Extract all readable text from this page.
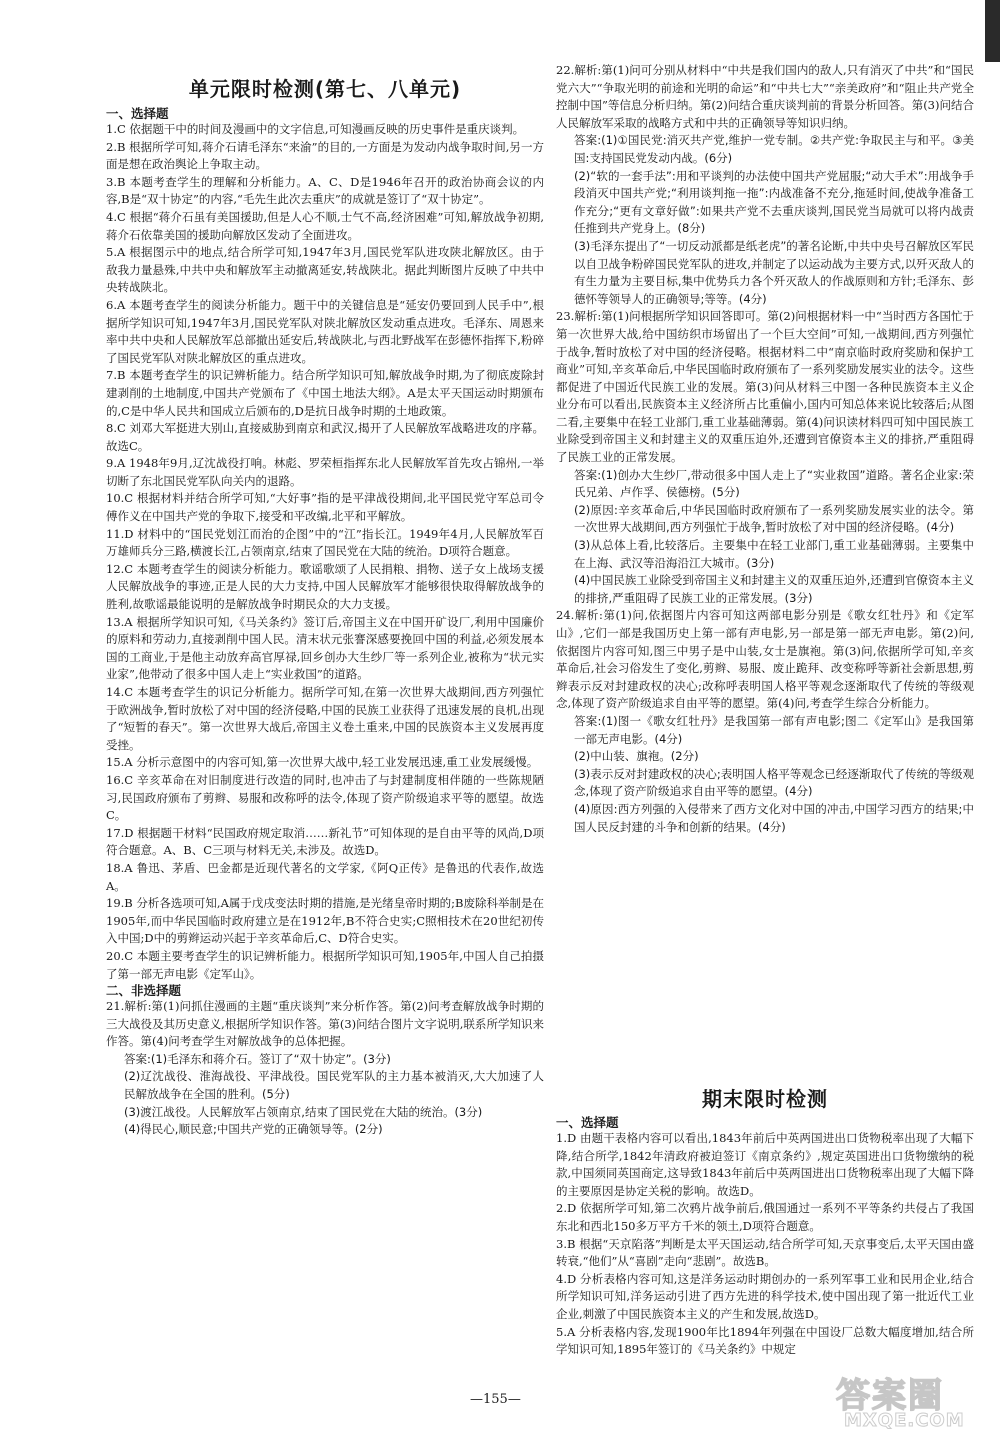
单元限时检测(第七、八单元)
一、选择题

1.C 依据题干中的时间及漫画中的文字信息,可知漫画反映的历史事件是重庆谈判。

2.B 根据所学可知,蒋介石请毛泽东“来渝”的目的,一方面是为发动内战争取时间,另一方面是想在政治舆论上争取主动。

3.B 本题考查学生的理解和分析能力。A、C、D是1946年召开的政治协商会议的内容,B是“双十协定”的内容,“毛先生此次去重庆”的成就是签订了“双十协定”。

4.C 根据“蒋介石虽有美国援助,但是人心不顺,士气不高,经济困难”可知,解放战争初期,蒋介石依靠美国的援助向解放区发动了全面进攻。

5.A 根据图示中的地点,结合所学可知,1947年3月,国民党军队进攻陕北解放区。由于敌我力量悬殊,中共中央和解放军主动撤离延安,转战陕北。据此判断图片反映了中共中央转战陕北。

6.A 本题考查学生的阅读分析能力。题干中的关键信息是“延安仍要回到人民手中”,根据所学知识可知,1947年3月,国民党军队对陕北解放区发动重点进攻。毛泽东、周恩来率中共中央和人民解放军总部撤出延安后,转战陕北,与西北野战军在彭德怀指挥下,粉碎了国民党军队对陕北解放区的重点进攻。

7.B 本题考查学生的识记辨析能力。结合所学知识可知,解放战争时期,为了彻底废除封建剥削的土地制度,中国共产党颁布了《中国土地法大纲》。A是太平天国运动时期颁布的,C是中华人民共和国成立后颁布的,D是抗日战争时期的土地政策。

8.C 刘邓大军挺进大别山,直接威胁到南京和武汉,揭开了人民解放军战略进攻的序幕。故选C。

9.A 1948年9月,辽沈战役打响。林彪、罗荣桓指挥东北人民解放军首先攻占锦州,一举切断了东北国民党军队向关内的退路。

10.C 根据材料并结合所学可知,“大好事”指的是平津战役期间,北平国民党守军总司令傅作义在中国共产党的争取下,接受和平改编,北平和平解放。

11.D 材料中的“国民党划江而治的企图”中的“江”指长江。1949年4月,人民解放军百万雄师兵分三路,横渡长江,占领南京,结束了国民党在大陆的统治。D项符合题意。

12.C 本题考查学生的阅读分析能力。歌谣歌颂了人民捐粮、捐物、送子女上战场支援人民解放战争的事迹,正是人民的大力支持,中国人民解放军才能够很快取得解放战争的胜利,故歌谣最能说明的是解放战争时期民众的大力支援。

13.A 根据所学知识可知,《马关条约》签订后,帝国主义在中国开矿设厂,利用中国廉价的原料和劳动力,直接剥削中国人民。清末状元张謇深感要挽回中国的利益,必须发展本国的工商业,于是他主动放弃高官厚禄,回乡创办大生纱厂等一系列企业,被称为“状元实业家”,他带动了很多中国人走上“实业救国”的道路。

14.C 本题考查学生的识记分析能力。据所学可知,在第一次世界大战期间,西方列强忙于欧洲战争,暂时放松了对中国的经济侵略,中国的民族工业获得了迅速发展的良机,出现了“短暂的春天”。第一次世界大战后,帝国主义卷土重来,中国的民族资本主义发展再度受挫。

15.A 分析示意图中的内容可知,第一次世界大战中,轻工业发展迅速,重工业发展缓慢。

16.C 辛亥革命在对旧制度进行改造的同时,也冲击了与封建制度相伴随的一些陈规陋习,民国政府颁布了剪辫、易服和改称呼的法令,体现了资产阶级追求平等的愿望。故选C。

17.D 根据题干材料“民国政府规定取消……新礼节”可知体现的是自由平等的风尚,D项符合题意。A、B、C三项与材料无关,未涉及。故选D。

18.A 鲁迅、茅盾、巴金都是近现代著名的文学家,《阿Q正传》是鲁迅的代表作,故选A。

19.B 分析各选项可知,A属于戊戌变法时期的措施,是光绪皇帝时期的;B废除科举制是在1905年,而中华民国临时政府建立是在1912年,B不符合史实;C照相技术在20世纪初传入中国;D中的剪辫运动兴起于辛亥革命后,C、D符合史实。

20.C 本题主要考查学生的识记辨析能力。根据所学知识可知,1905年,中国人自己拍摄了第一部无声电影《定军山》。

二、非选择题

21.解析:第(1)问抓住漫画的主题“重庆谈判”来分析作答。第(2)问考查解放战争时期的三大战役及其历史意义,根据所学知识作答。第(3)问结合图片文字说明,联系所学知识来作答。第(4)问考查学生对解放战争的总体把握。

答案:(1)毛泽东和蒋介石。签订了“双十协定”。(3分)

(2)辽沈战役、淮海战役、平津战役。国民党军队的主力基本被消灭,大大加速了人民解放战争在全国的胜利。(5分)

(3)渡江战役。人民解放军占领南京,结束了国民党在大陆的统治。(3分)

(4)得民心,顺民意;中国共产党的正确领导等。(2分)

22.解析:第(1)问可分别从材料中“中共是我们国内的敌人,只有消灭了中共”和“国民党六大”“争取光明的前途和光明的命运”和“中共七大”“亲美政府”和“阻止共产党全控制中国”等信息分析归纳。第(2)问结合重庆谈判前的背景分析回答。第(3)问结合人民解放军采取的战略方式和中共的正确领导等知识归纳。

答案:(1)①国民党:消灭共产党,维护一党专制。②共产党:争取民主与和平。③美国:支持国民党发动内战。(6分)

(2)“软的一套手法”:用和平谈判的办法使中国共产党屈服;“动大手术”:用战争手段消灭中国共产党;“利用谈判拖一拖”:内战准备不充分,拖延时间,使战争准备工作充分;“更有文章好做”:如果共产党不去重庆谈判,国民党当局就可以将内战责任推到共产党身上。(8分)

(3)毛泽东提出了“一切反动派都是纸老虎”的著名论断,中共中央号召解放区军民以自卫战争粉碎国民党军队的进攻,并制定了以运动战为主要方式,以歼灭敌人的有生力量为主要目标,集中优势兵力各个歼灭敌人的作战原则和方针;毛泽东、彭德怀等领导人的正确领导;等等。(4分)

23.解析:第(1)问根据所学知识回答即可。第(2)问根据材料一中“当时西方各国忙于第一次世界大战,给中国纺织市场留出了一个巨大空间”可知,一战期间,西方列强忙于战争,暂时放松了对中国的经济侵略。根据材料二中“南京临时政府奖励和保护工商业”可知,辛亥革命后,中华民国临时政府颁布了一系列奖励发展实业的法令。这些都促进了中国近代民族工业的发展。第(3)问从材料三中图一各种民族资本主义企业分布可以看出,民族资本主义经济所占比重偏小,国内可知总体来说比较落后;从图二看,主要集中在轻工业部门,重工业基础薄弱。第(4)问识读材料四可知中国民族工业除受到帝国主义和封建主义的双重压迫外,还遭到官僚资本主义的排挤,严重阻碍了民族工业的正常发展。

答案:(1)创办大生纱厂,带动很多中国人走上了“实业救国”道路。著名企业家:荣氏兄弟、卢作孚、侯德榜。(5分)

(2)原因:辛亥革命后,中华民国临时政府颁布了一系列奖励发展实业的法令。第一次世界大战期间,西方列强忙于战争,暂时放松了对中国的经济侵略。(4分)

(3)从总体上看,比较落后。主要集中在轻工业部门,重工业基础薄弱。主要集中在上海、武汉等沿海沿江大城市。(3分)

(4)中国民族工业除受到帝国主义和封建主义的双重压迫外,还遭到官僚资本主义的排挤,严重阻碍了民族工业的正常发展。(3分)

24.解析:第(1)问,依据图片内容可知这两部电影分别是《歌女红牡丹》和《定军山》,它们一部是我国历史上第一部有声电影,另一部是第一部无声电影。第(2)问,依据图片内容可知,图三中男子是中山装,女士是旗袍。第(3)问,依据所学可知,辛亥革命后,社会习俗发生了变化,剪辫、易服、废止跪拜、改变称呼等新社会新思想,剪辫表示反对封建政权的决心;改称呼表明国人格平等观念逐渐取代了传统的等级观念,体现了资产阶级追求自由平等的愿望。第(4)问,考查学生综合分析能力。

答案:(1)图一《歌女红牡丹》是我国第一部有声电影;图二《定军山》是我国第一部无声电影。(4分)

(2)中山装、旗袍。(2分)

(3)表示反对封建政权的决心;表明国人格平等观念已经逐渐取代了传统的等级观念,体现了资产阶级追求自由平等的愿望。(4分)

(4)原因:西方列强的入侵带来了西方文化对中国的冲击,中国学习西方的结果;中国人民反封建的斗争和创新的结果。(4分)

期末限时检测
一、选择题

1.D 由题干表格内容可以看出,1843年前后中英两国进出口货物税率出现了大幅下降,结合所学,1842年清政府被迫签订《南京条约》,规定英国进出口货物缴纳的税款,中国须同英国商定,这导致1843年前后中英两国进出口货物税率出现了大幅下降的主要原因是协定关税的影响。故选D。

2.D 依据所学可知,第二次鸦片战争前后,俄国通过一系列不平等条约共侵占了我国东北和西北150多万平方千米的领土,D项符合题意。

3.B 根据“天京陷落”判断是太平天国运动,结合所学可知,天京事变后,太平天国由盛转衰,“他们”从“喜剧”走向“悲剧”。故选B。

4.D 分析表格内容可知,这是洋务运动时期创办的一系列军事工业和民用企业,结合所学知识可知,洋务运动引进了西方先进的科学技术,使中国出现了第一批近代工业企业,刺激了中国民族资本主义的产生和发展,故选D。

5.A 分析表格内容,发现1900年比1894年列强在中国设厂总数大幅度增加,结合所学知识可知,1895年签订的《马关条约》中规定

—155—	答案圈
MXQE.COM
